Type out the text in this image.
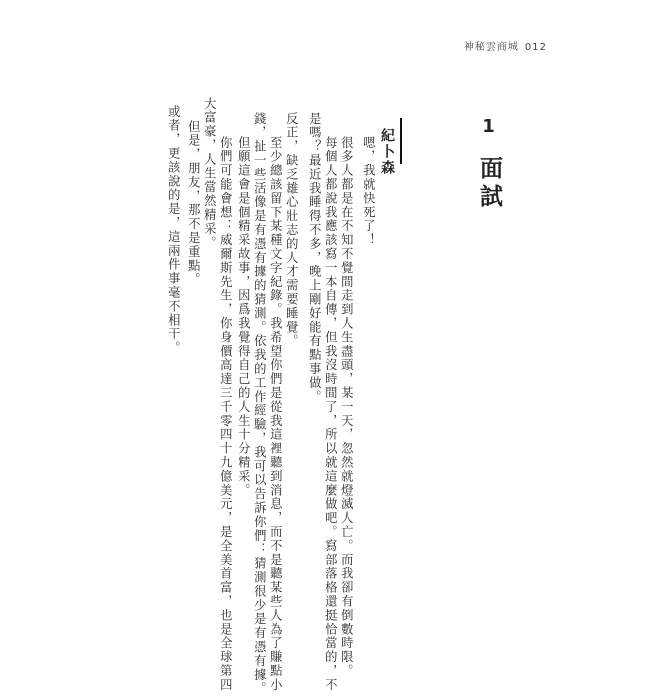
神秘雲商城 012
1
面試
紀卜森
嗯，我就快死了！
很多人都是在不知不覺間走到人生盡頭，某一天，忽然就燈滅人亡。而我卻有倒數時限。
每個人都說我應該寫一本自傳，但我沒時間了，所以就這麼做吧。寫部落格還挺恰當的，不
是嗎？最近我睡得不多，晚上剛好能有點事做。
反正，缺乏雄心壯志的人才需要睡覺。
至少總該留下某種文字紀錄。我希望你們是從我這裡聽到消息，而不是聽某些人為了賺點小
錢，扯一些活像是有憑有據的猜測。依我的工作經驗，我可以告訴你們：猜測很少是有憑有據。
但願這會是個精采故事，因爲我覺得自己的人生十分精采。
你們可能會想：威爾斯先生，你身價高達三千零四十九億美元，是全美首富，也是全球第四
大富豪，人生當然精采。
但是，朋友，那不是重點。
或者，更該說的是，這兩件事毫不相干。
